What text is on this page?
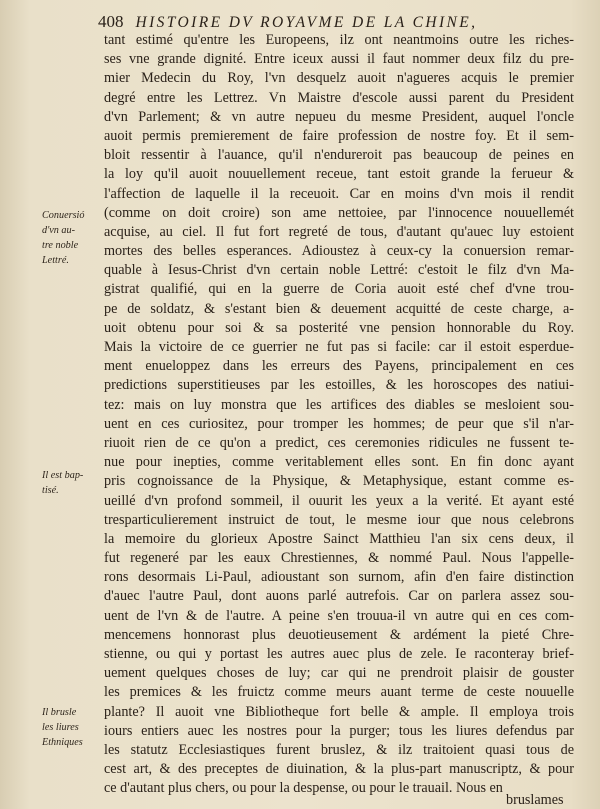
408 HISTOIRE DV ROYAVME DE LA CHINE,
tant estimé qu'entre les Europeens, ilz ont neantmoins outre les riches-
ses vne grande dignité. Entre iceux aussi il faut nommer deux filz du pre-
mier Medecin du Roy, l'vn desquelz auoit n'agueres acquis le premier
degré entre les Lettrez. Vn Maistre d'escole aussi parent du President
d'vn Parlement; & vn autre nepueu du mesme President, auquel l'oncle
auoit permis premierement de faire profession de nostre foy. Et il sem-
bloit ressentir à l'auance, qu'il n'endureroit pas beaucoup de peines en
la loy qu'il auoit nouuellement receue, tant estoit grande la ferueur &
l'affection de laquelle il la receuoit. Car en moins d'vn mois il rendit
(comme on doit croire) son ame nettoiee, par l'innocence nouuellemét
acquise, au ciel. Il fut fort regreté de tous, d'autant qu'auec luy estoient
mortes des belles esperances. Adioustez à ceux-cy la conuersion remar-
quable à Iesus-Christ d'vn certain noble Lettré: c'estoit le filz d'vn Ma-
gistrat qualifié, qui en la guerre de Coria auoit esté chef d'vne trou-
pe de soldatz, & s'estant bien & deuement acquitté de ceste charge, a-
uoit obtenu pour soi & sa posterité vne pension honnorable du Roy.
Mais la victoire de ce guerrier ne fut pas si facile: car il estoit esperdue-
ment enueloppez dans les erreurs des Payens, principalement en ces
predictions superstitieuses par les estoilles, & les horoscopes des natiui-
tez: mais on luy monstra que les artifices des diables se mesloient sou-
uent en ces curiositez, pour tromper les hommes; de peur que s'il n'ar-
riuoit rien de ce qu'on a predict, ces ceremonies ridicules ne fussent te-
nue pour inepties, comme veritablement elles sont. En fin donc ayant
pris cognoissance de la Physique, & Metaphysique, estant comme es-
ueillé d'vn profond sommeil, il ouurit les yeux a la verité. Et ayant esté
tresparticulierement instruict de tout, le mesme iour que nous celebrons
la memoire du glorieux Apostre Sainct Matthieu l'an six cens deux, il
fut regeneré par les eaux Chrestiennes, & nommé Paul. Nous l'appelle-
rons desormais Li-Paul, adioustant son surnom, afin d'en faire distinction
d'auec l'autre Paul, dont auons parlé autrefois. Car on parlera assez sou-
uent de l'vn & de l'autre. A peine s'en trouua-il vn autre qui en ces com-
mencemens honnorast plus deuotieusement & ardément la pieté Chre-
stienne, ou qui y portast les autres auec plus de zele. Ie raconteray brief-
uement quelques choses de luy; car qui ne prendroit plaisir de gouster
les premices & les fruictz comme meurs auant terme de ceste nouuelle
plante? Il auoit vne Bibliotheque fort belle & ample. Il employa trois
iours entiers auec les nostres pour la purger; tous les liures defendus par
les statutz Ecclesiastiques furent bruslez, & ilz traitoient quasi tous de
cest art, & des preceptes de diuination, & la plus-part manuscriptz, & pour
ce d'autant plus chers, ou pour la despense, ou pour le trauail. Nous en
bruslames
Conuersió
d'vn au-
tre noble
Lettré.
Il est bap-
tisé.
Il brusle
les liures
Ethniques
